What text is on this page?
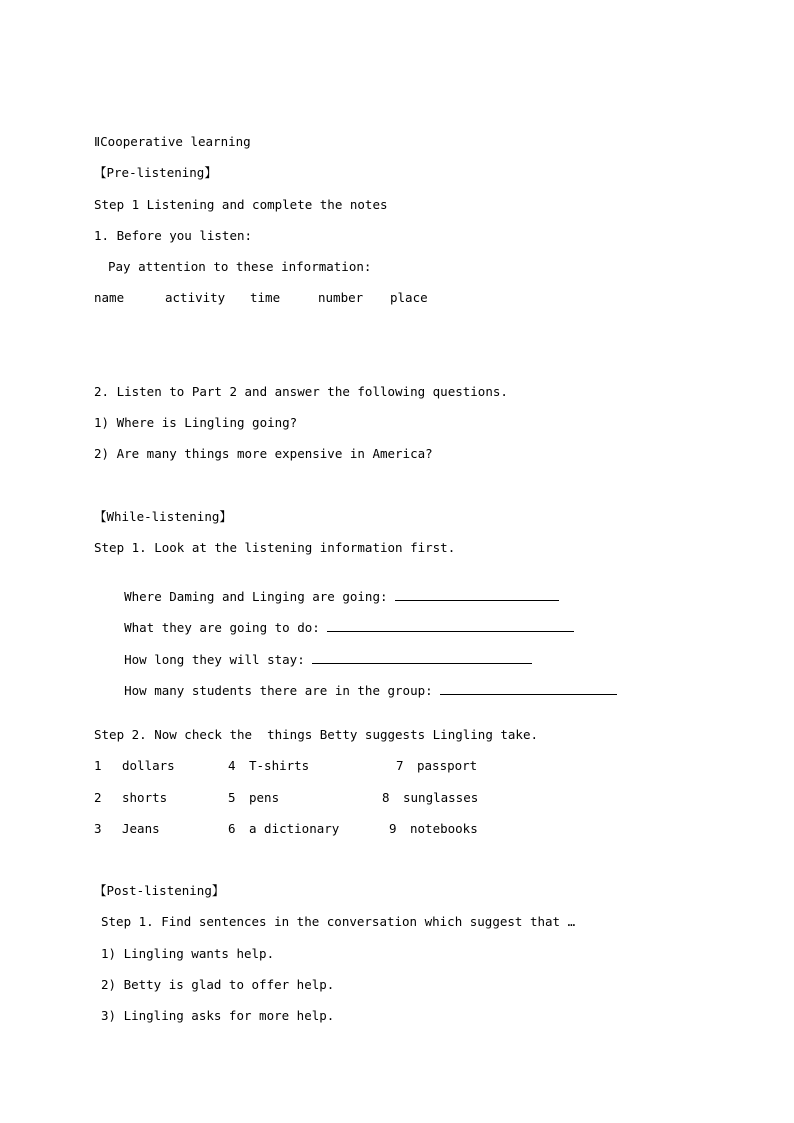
ⅡCooperative learning
【Pre-listening】
Step 1 Listening and complete the notes
1. Before you listen:
Pay attention to these information:
name	activity time	number place
2. Listen to Part 2 and answer the following questions.
1) Where is Lingling going?
2) Are many things more expensive in America?
【While-listening】
Step 1. Look at the listening information first.

Where Daming and Linging are going:

What they are going to do:

How long they will stay:

How many students there are in the group:

Step 2. Now check the  things Betty suggests Lingling take.
1 dollars	4 T-shirts	7 passport
2 shorts	5 pens	8 sunglasses
3 Jeans	6 a dictionary	9 notebooks
【Post-listening】
Step 1. Find sentences in the conversation which suggest that …
1) Lingling wants help.
2) Betty is glad to offer help.
3) Lingling asks for more help.
